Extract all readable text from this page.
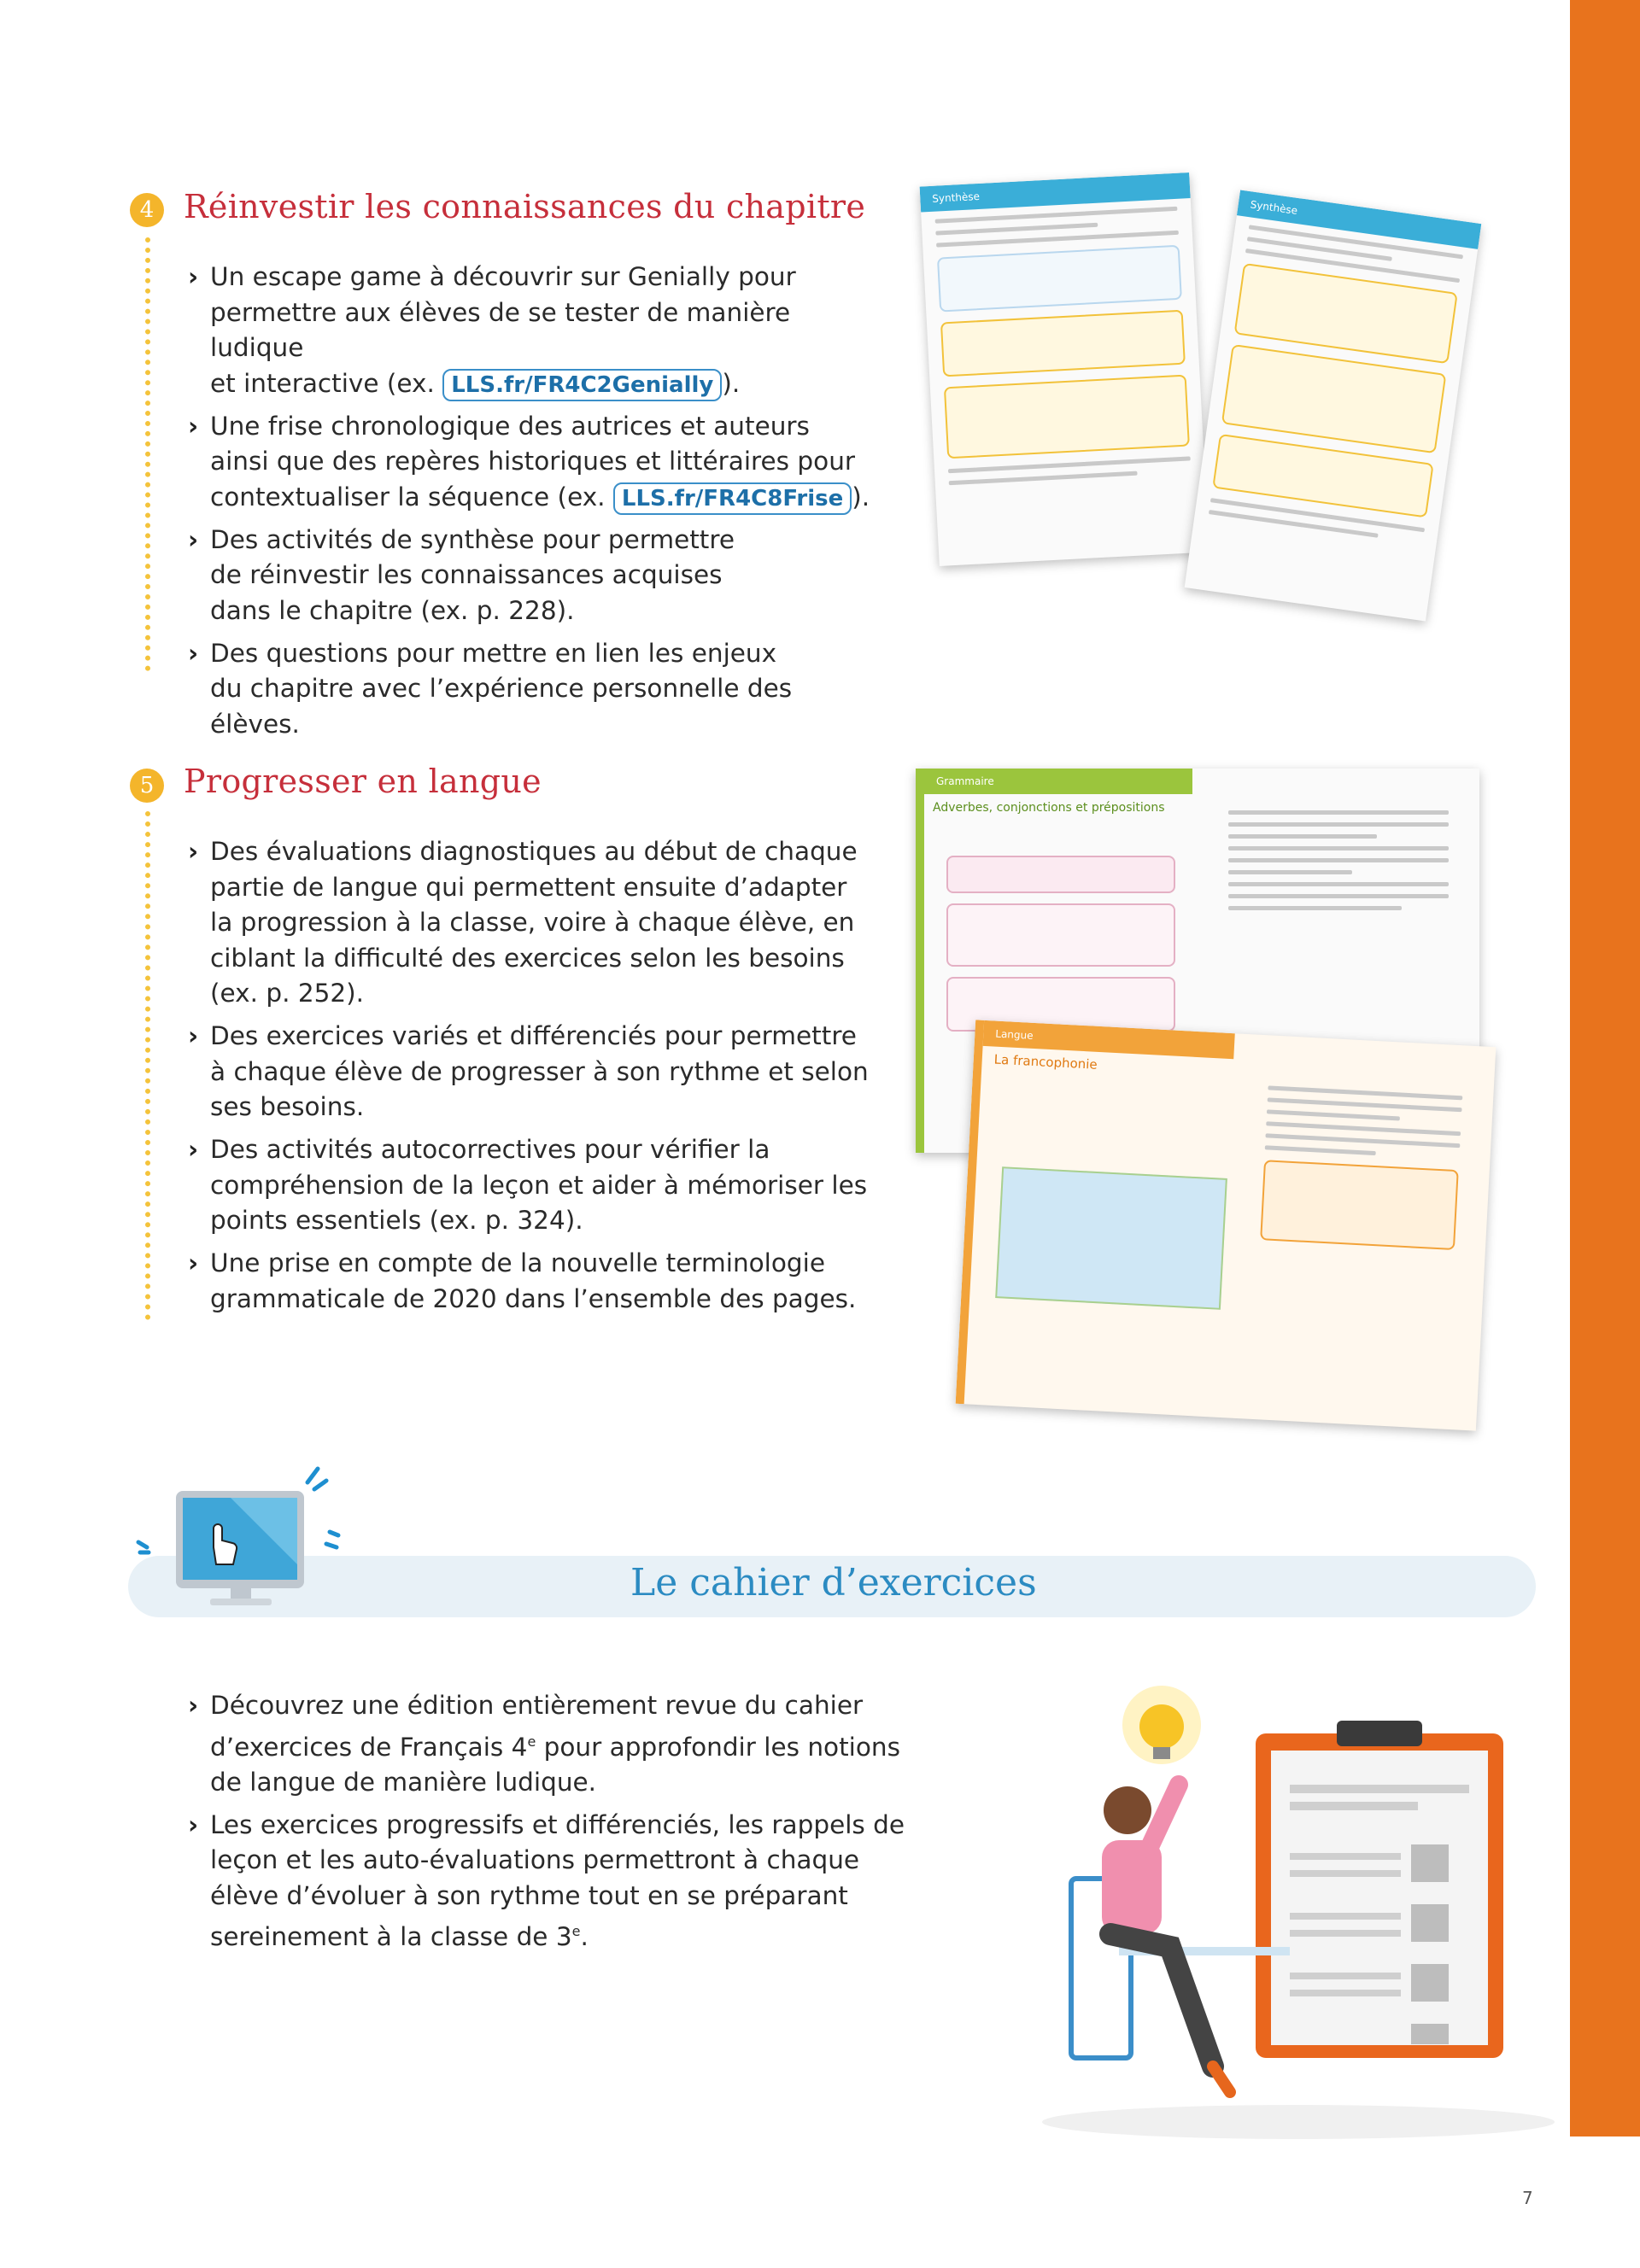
4 Réinvestir les connaissances du chapitre
› Un escape game à découvrir sur Genially pour
permettre aux élèves de se tester de manière ludique
et interactive (ex. LLS.fr/FR4C2Genially ).
› Une frise chronologique des autrices et auteurs
ainsi que des repères historiques et littéraires pour
contextualiser la séquence (ex. LLS.fr/FR4C8Frise ).
› Des activités de synthèse pour permettre
de réinvestir les connaissances acquises
dans le chapitre (ex. p. 228).
› Des questions pour mettre en lien les enjeux
du chapitre avec l’expérience personnelle des élèves.
Synthèse
Synthèse
5 Progresser en langue
› Des évaluations diagnostiques au début de chaque
partie de langue qui permettent ensuite d’adapter
la progression à la classe, voire à chaque élève, en
ciblant la difficulté des exercices selon les besoins
(ex. p. 252).
› Des exercices variés et différenciés pour permettre
à chaque élève de progresser à son rythme et selon
ses besoins.
› Des activités autocorrectives pour vérifier la
compréhension de la leçon et aider à mémoriser les
points essentiels (ex. p. 324).
› Une prise en compte de la nouvelle terminologie
grammaticale de 2020 dans l’ensemble des pages.
Grammaire
Adverbes, conjonctions et prépositions
Langue
La francophonie
Le cahier d’exercices
› Découvrez une édition entièrement revue du cahier
d’exercices de Français 4e pour approfondir les notions
de langue de manière ludique.
› Les exercices progressifs et différenciés, les rappels de
leçon et les auto-évaluations permettront à chaque
élève d’évoluer à son rythme tout en se préparant
sereinement à la classe de 3e.
7
